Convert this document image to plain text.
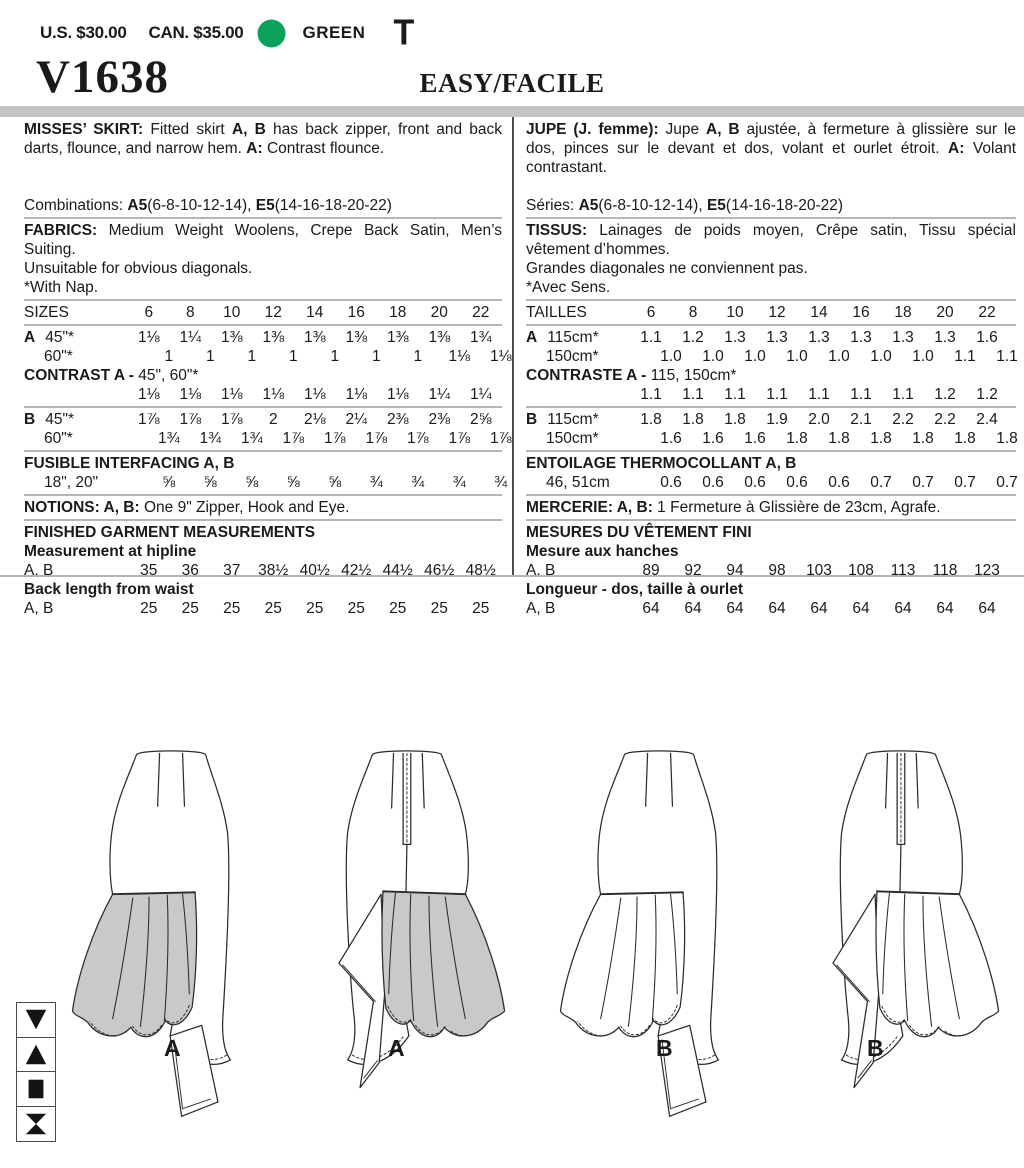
U.S. $30.00 CAN. $35.00	GREEN T
V1638	EASY/FACILE
MISSES’ SKIRT: Fitted skirt A, B has back zipper, front and back darts, flounce, and narrow hem. A: Contrast flounce.
Combinations: A5(6-8-10-12-14), E5(14-16-18-20-22)
FABRICS: Medium Weight Woolens, Crepe Back Satin, Men’s Suiting.
Unsuitable for obvious diagonals.
*With Nap.
SIZES	6	8	10	12	14	16	18	20	22
A 45"*	1⅛	1¼	1⅜	1⅜	1⅜	1⅜	1⅜	1⅜	1¾
60"*	1	1	1	1	1	1	1	1⅛	1⅛
CONTRAST A - 45", 60"*
1⅛	1⅛	1⅛	1⅛	1⅛	1⅛	1⅛	1¼	1¼
B 45"*	1⅞	1⅞	1⅞	2	2⅛	2¼	2⅜	2⅜	2⅝
60"*	1¾	1¾	1¾	1⅞	1⅞	1⅞	1⅞	1⅞	1⅞
FUSIBLE INTERFACING A, B
18", 20"	⅝	⅝	⅝	⅝	⅝	¾	¾	¾	¾
NOTIONS: A, B: One 9" Zipper, Hook and Eye.
FINISHED GARMENT MEASUREMENTS
Measurement at hipline
A, B	35	36	37	38½ 40½ 42½ 44½ 46½ 48½
Back length from waist
A, B	25	25	25	25	25	25	25	25	25
JUPE (J. femme): Jupe A, B ajustée, à fermeture à glissière sur le dos, pinces sur le devant et dos, volant et ourlet étroit. A: Volant contrastant.
Séries: A5(6-8-10-12-14), E5(14-16-18-20-22)
TISSUS: Lainages de poids moyen, Crêpe satin, Tissu spécial vêtement d’hommes.
Grandes diagonales ne conviennent pas.
*Avec Sens.
TAILLES	6	8	10	12	14	16	18	20	22
A 115cm*	1.1	1.2	1.3	1.3	1.3	1.3	1.3	1.3	1.6
150cm*	1.0	1.0	1.0	1.0	1.0	1.0	1.0	1.1	1.1
CONTRASTE A - 115, 150cm*
1.1	1.1	1.1	1.1	1.1	1.1	1.1	1.2	1.2
B 115cm*	1.8	1.8	1.8	1.9	2.0	2.1	2.2	2.2	2.4
150cm*	1.6	1.6	1.6	1.8	1.8	1.8	1.8	1.8	1.8
ENTOILAGE THERMOCOLLANT A, B
46, 51cm	0.6	0.6	0.6	0.6	0.6	0.7	0.7	0.7	0.7
MERCERIE: A, B: 1 Fermeture à Glissière de 23cm, Agrafe.
MESURES DU VÊTEMENT FINI
Mesure aux hanches
A, B	89	92	94	98	103	108	113	118	123
Longueur - dos, taille à ourlet
A, B	64	64	64	64	64	64	64	64	64
A	A	B	B
